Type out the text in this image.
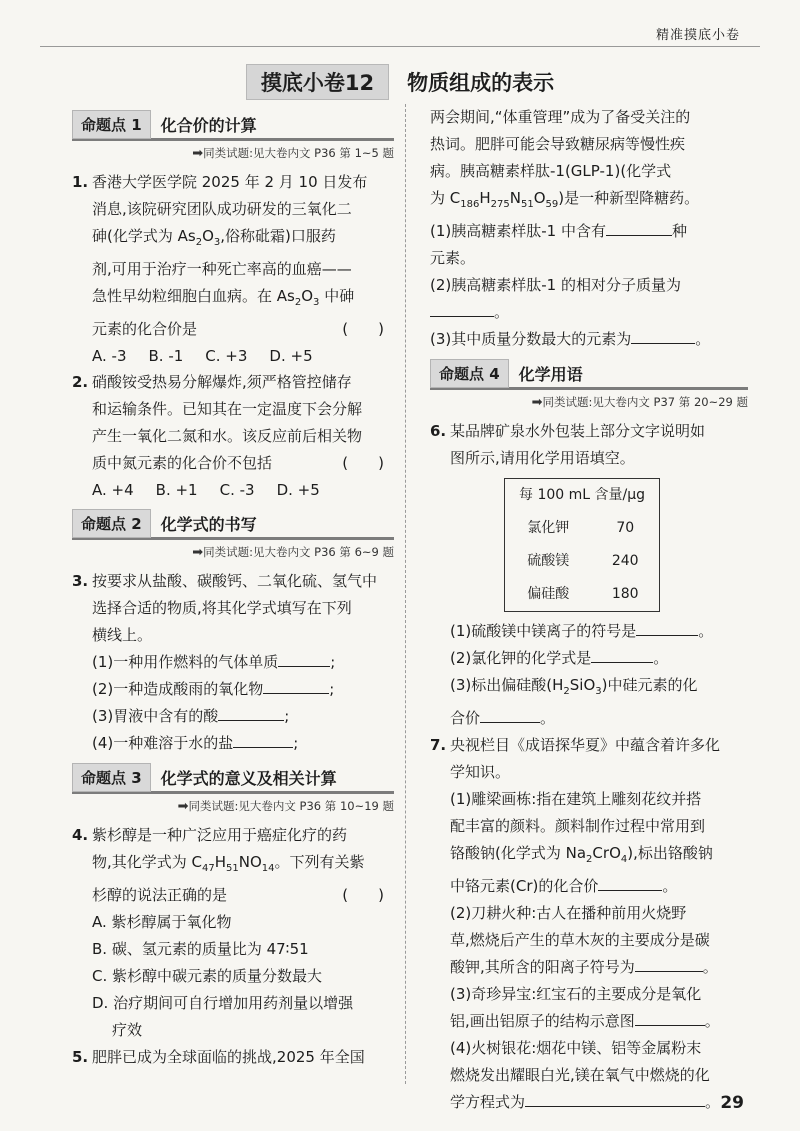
精准摸底小卷
摸底小卷12 物质组成的表示
命题点 1	化合价的计算
➡同类试题:见大卷内文 P36 第 1~5 题
1. 香港大学医学院 2025 年 2 月 10 日发布
消息,该院研究团队成功研发的三氧化二
砷(化学式为 $As_2O_3$,俗称砒霜)口服药
剂,可用于治疗一种死亡率高的血癌——
急性早幼粒细胞白血病。在 $As_2O_3$ 中砷
元素的化合价是	(　　)
A. -3 B. -1 C. +3 D. +5
2. 硝酸铵受热易分解爆炸,须严格管控储存
和运输条件。已知其在一定温度下会分解
产生一氧化二氮和水。该反应前后相关物
质中氮元素的化合价不包括	(　　)
A. +4 B. +1 C. -3 D. +5
命题点 2	化学式的书写
➡同类试题:见大卷内文 P36 第 6~9 题
3. 按要求从盐酸、碳酸钙、二氧化硫、氢气中
选择合适的物质,将其化学式填写在下列
横线上。
(1)一种用作燃料的气体单质	;
(2)一种造成酸雨的氧化物	;
(3)胃液中含有的酸	;
(4)一种难溶于水的盐	;
命题点 3	化学式的意义及相关计算
➡同类试题:见大卷内文 P36 第 10~19 题
4. 紫杉醇是一种广泛应用于癌症化疗的药
物,其化学式为 $C_{47}H_{51}NO_{14}$。下列有关紫
杉醇的说法正确的是	(　　)
A. 紫杉醇属于氧化物
B. 碳、氢元素的质量比为 47∶51
C. 紫杉醇中碳元素的质量分数最大
D. 治疗期间可自行增加用药剂量以增强
疗效
5. 肥胖已成为全球面临的挑战,2025 年全国
两会期间,“体重管理”成为了备受关注的
热词。肥胖可能会导致糖尿病等慢性疾
病。胰高糖素样肽-1(GLP-1)(化学式
为 $C_{186}H_{275}N_{51}O_{59}$)是一种新型降糖药。
(1)胰高糖素样肽-1 中含有	种
元素。
(2)胰高糖素样肽-1 的相对分子质量为
。
(3)其中质量分数最大的元素为	。
命题点 4	化学用语
➡同类试题:见大卷内文 P37 第 20~29 题
6. 某品牌矿泉水外包装上部分文字说明如
图所示,请用化学用语填空。
每 100 mL 含量/μg	
氯化钾	70
硫酸镁	240
偏硅酸	180
(1)硫酸镁中镁离子的符号是	。
(2)氯化钾的化学式是	。
(3)标出偏硅酸$(H_2SiO_3)$中硅元素的化
合价	。
7. 央视栏目《成语探华夏》中蕴含着许多化
学知识。
(1)雕梁画栋:指在建筑上雕刻花纹并搭
配丰富的颜料。颜料制作过程中常用到
铬酸钠(化学式为 $Na_2CrO_4$),标出铬酸钠
中铬元素(Cr)的化合价	。
(2)刀耕火种:古人在播种前用火烧野
草,燃烧后产生的草木灰的主要成分是碳
酸钾,其所含的阳离子符号为	。
(3)奇珍异宝:红宝石的主要成分是氧化
铝,画出铝原子的结构示意图	。
(4)火树银花:烟花中镁、铝等金属粉末
燃烧发出耀眼白光,镁在氧气中燃烧的化
学方程式为	。 29
